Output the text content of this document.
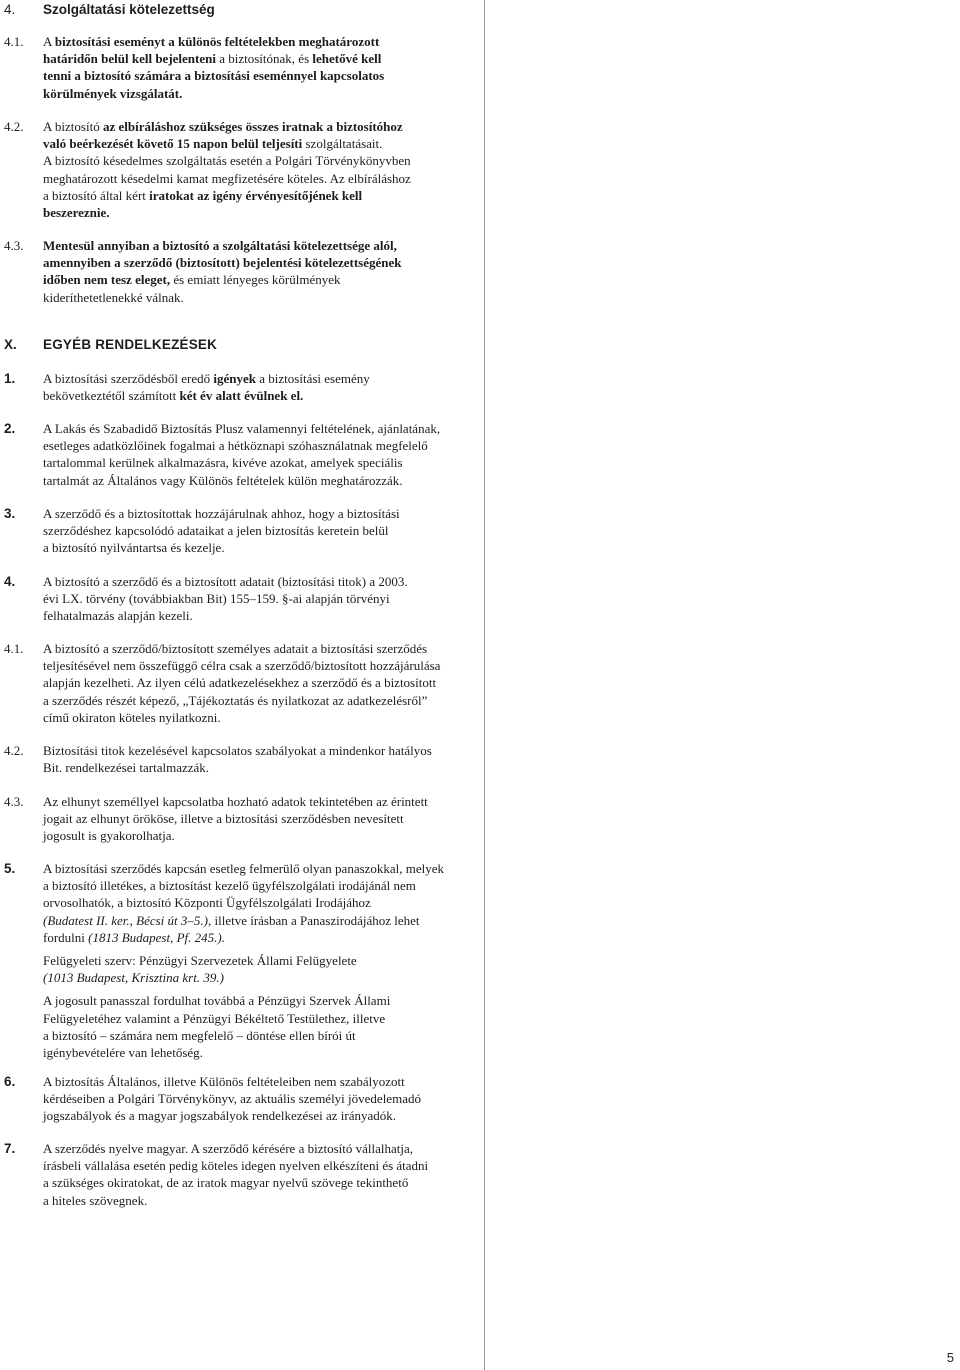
4.	Szolgáltatási kötelezettség
4.1.	A biztosítási eseményt a különös feltételekben meghatározott

határidőn belül kell bejelenteni a biztosítónak, és lehetővé kell

tenni a biztosító számára a biztosítási eseménnyel kapcsolatos

körülmények vizsgálatát.

4.2.	A biztosító az elbíráláshoz szükséges összes iratnak a biztosítóhoz

való beérkezését követő 15 napon belül teljesíti szolgáltatásait.

A biztosító késedelmes szolgáltatás esetén a Polgári Törvénykönyvben

meghatározott késedelmi kamat megfizetésére köteles. Az elbíráláshoz

a biztosító által kért iratokat az igény érvényesítőjének kell

beszereznie.

4.3.	Mentesül annyiban a biztosító a szolgáltatási kötelezettsége alól,

amennyiben a szerződő (biztosított) bejelentési kötelezettségének

időben nem tesz eleget, és emiatt lényeges körülmények

kideríthetetlenekké válnak.

X.	EGYÉB RENDELKEZÉSEK
1.	A biztosítási szerződésből eredő igények a biztosítási esemény

bekövetkeztétől számított két év alatt évülnek el.

2.	A Lakás és Szabadidő Biztosítás Plusz valamennyi feltételének, ajánlatának,

esetleges adatközlőinek fogalmai a hétköznapi szóhasználatnak megfelelő

tartalommal kerülnek alkalmazásra, kivéve azokat, amelyek speciális

tartalmát az Általános vagy Különös feltételek külön meghatározzák.

3.	A szerződő és a biztosítottak hozzájárulnak ahhoz, hogy a biztosítási

szerződéshez kapcsolódó adataikat a jelen biztosítás keretein belül

a biztosító nyilvántartsa és kezelje.

4.	A biztosító a szerződő és a biztosított adatait (biztosítási titok) a 2003.

évi LX. törvény (továbbiakban Bit) 155–159. §-ai alapján törvényi

felhatalmazás alapján kezeli.

4.1.	A biztosító a szerződő/biztosított személyes adatait a biztosítási szerződés

teljesítésével nem összefüggő célra csak a szerződő/biztosított hozzájárulása

alapján kezelheti. Az ilyen célú adatkezelésekhez a szerződő és a biztosított

a szerződés részét képező, „Tájékoztatás és nyilatkozat az adatkezelésről”

című okiraton köteles nyilatkozni.

4.2.	Biztosítási titok kezelésével kapcsolatos szabályokat a mindenkor hatályos

Bit. rendelkezései tartalmazzák.

4.3.	Az elhunyt személlyel kapcsolatba hozható adatok tekintetében az érintett

jogait az elhunyt örököse, illetve a biztosítási szerződésben nevesített

jogosult is gyakorolhatja.

5.	A biztosítási szerződés kapcsán esetleg felmerülő olyan panaszokkal, melyek

a biztosító illetékes, a biztosítást kezelő ügyfélszolgálati irodájánál nem

orvosolhatók, a biztosító Központi Ügyfélszolgálati Irodájához

(Budatest II. ker., Bécsi út 3–5.), illetve írásban a Panaszirodájához lehet

fordulni (1813 Budapest, Pf. 245.).

Felügyeleti szerv: Pénzügyi Szervezetek Állami Felügyelete

(1013 Budapest, Krisztina krt. 39.)

A jogosult panasszal fordulhat továbbá a Pénzügyi Szervek Állami

Felügyeletéhez valamint a Pénzügyi Békéltető Testülethez, illetve

a biztosító – számára nem megfelelő – döntése ellen bírói út

igénybevételére van lehetőség.

6.	A biztosítás Általános, illetve Különös feltételeiben nem szabályozott

kérdéseiben a Polgári Törvénykönyv, az aktuális személyi jövedelemadó

jogszabályok és a magyar jogszabályok rendelkezései az irányadók.

7.	A szerződés nyelve magyar. A szerződő kérésére a biztosító vállalhatja,

írásbeli vállalása esetén pedig köteles idegen nyelven elkészíteni és átadni

a szükséges okiratokat, de az iratok magyar nyelvű szövege tekinthető

a hiteles szövegnek.

5
